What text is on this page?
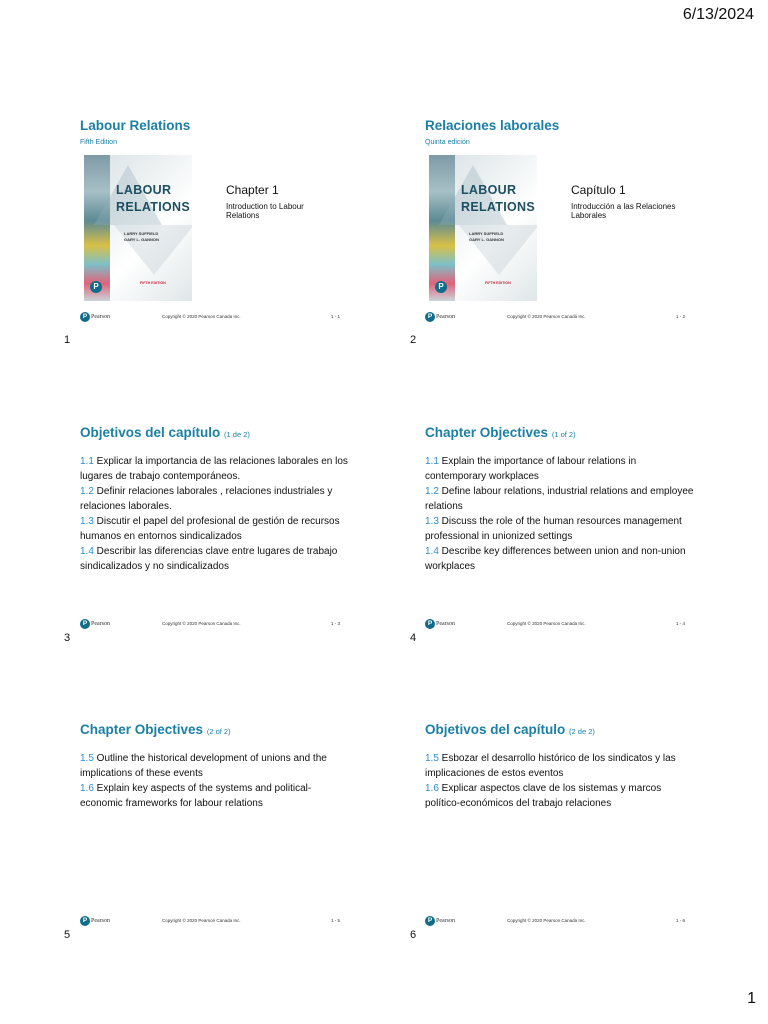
6/13/2024
Labour Relations
Fifth Edition
LABOUR
RELATIONS
LARRY SUFFIELD
GARY L. GANNON
FIFTH EDITION
P
Chapter 1
Introduction to Labour Relations
P Pearson	Copyright © 2020 Pearson Canada Inc.	1 - 1
1
Relaciones laborales
Quinta edición
LABOUR
RELATIONS
LARRY SUFFIELD
GARY L. GANNON
FIFTH EDITION
P
Capítulo 1
Introducción a las Relaciones Laborales
P Pearson	Copyright © 2020 Pearson Canadá Inc.	1 - 2
2
Objetivos del capítulo (1 de 2)

1.1 Explicar la importancia de las relaciones laborales en los lugares de trabajo contemporáneos.

1.2 Definir relaciones laborales , relaciones industriales y relaciones laborales.

1.3 Discutir el papel del profesional de gestión de recursos humanos en entornos sindicalizados

1.4 Describir las diferencias clave entre lugares de trabajo sindicalizados y no sindicalizados

P Pearson	Copyright © 2020 Pearson Canada Inc.	1 - 3
3
Chapter Objectives (1 of 2)

1.1 Explain the importance of labour relations in contemporary workplaces

1.2 Define labour relations, industrial relations and employee relations

1.3 Discuss the role of the human resources management professional in unionized settings

1.4 Describe key differences between union and non-union workplaces

P Pearson	Copyright © 2020 Pearson Canada Inc.	1 - 4
4
Chapter Objectives (2 of 2)

1.5 Outline the historical development of unions and the implications of these events

1.6 Explain key aspects of the systems and political-economic frameworks for labour relations

P Pearson	Copyright © 2020 Pearson Canada Inc.	1 - 5
5
Objetivos del capítulo (2 de 2)

1.5 Esbozar el desarrollo histórico de los sindicatos y las implicaciones de estos eventos

1.6 Explicar aspectos clave de los sistemas y marcos político-económicos del trabajo relaciones

P Pearson	Copyright © 2020 Pearson Canada Inc.	1 - 6
6
1
